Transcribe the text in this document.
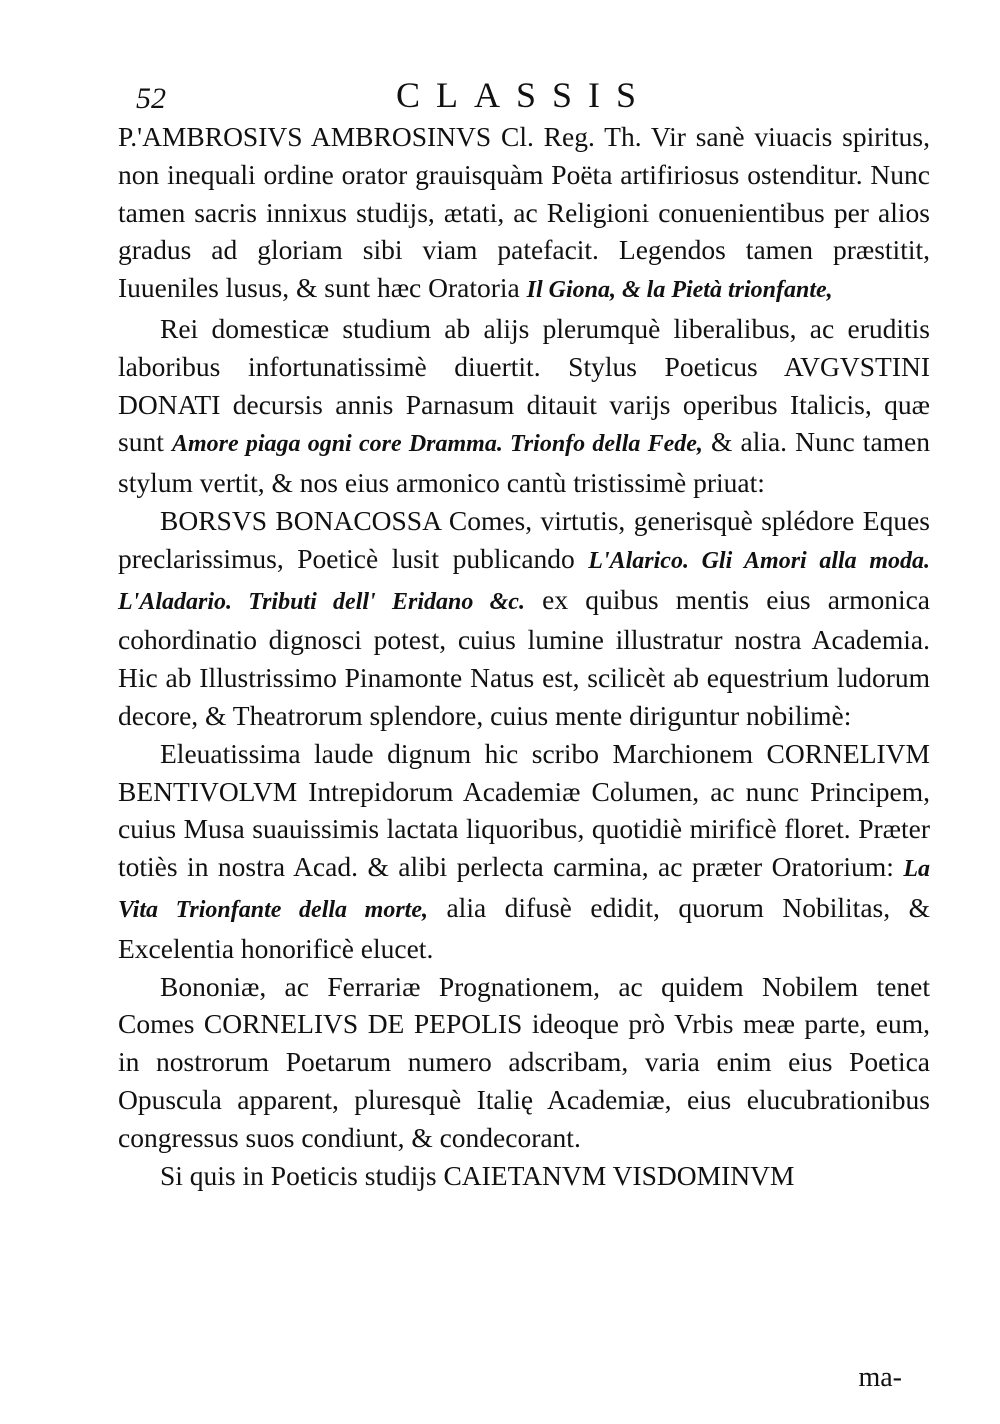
52	CLASSIS

P.'AMBROSIVS AMBROSINVS Cl. Reg. Th. Vir sanè viuacis spiritus, non inequali ordine orator grauisquàm Poëta artifiriosus ostenditur. Nunc tamen sacris innixus studijs, ætati, ac Religioni conuenientibus per alios gradus ad gloriam sibi viam patefacit. Legendos tamen præstitit, Iuueniles lusus, & sunt hæc Oratoria Il Giona, & la Pietà trionfante,

Rei domesticæ studium ab alijs plerumquè liberalibus, ac eruditis laboribus infortunatissimè diuertit. Stylus Poeticus AVGVSTINI DONATI decursis annis Parnasum ditauit varijs operibus Italicis, quæ sunt Amore piaga ogni core Dramma. Trionfo della Fede, & alia. Nunc tamen stylum vertit, & nos eius armonico cantù tristissimè priuat:

BORSVS BONACOSSA Comes, virtutis, generisquè splédore Eques preclarissimus, Poeticè lusit publicando L'Alarico. Gli Amori alla moda. L'Aladario. Tributi dell' Eridano &c. ex quibus mentis eius armonica cohordinatio dignosci potest, cuius lumine illustratur nostra Academia. Hic ab Illustrissimo Pinamonte Natus est, scilicèt ab equestrium ludorum decore, & Theatrorum splendore, cuius mente diriguntur nobilimè:

Eleuatissima laude dignum hic scribo Marchionem CORNELIVM BENTIVOLVM Intrepidorum Academiæ Columen, ac nunc Principem, cuius Musa suauissimis lactata liquoribus, quotidiè mirificè floret. Præter totiès in nostra Acad. & alibi perlecta carmina, ac præter Oratorium: La Vita Trionfante della morte, alia difusè edidit, quorum Nobilitas, & Excelentia honorificè elucet.

Bononiæ, ac Ferrariæ Prognationem, ac quidem Nobilem tenet Comes CORNELIVS DE PEPOLIS ideoque prò Vrbis meæ parte, eum, in nostrorum Poetarum numero adscribam, varia enim eius Poetica Opuscula apparent, pluresquè Italię Academiæ, eius elucubrationibus congressus suos condiunt, & condecorant.

Si quis in Poeticis studijs CAIETANVM VISDOMINVM

ma-
